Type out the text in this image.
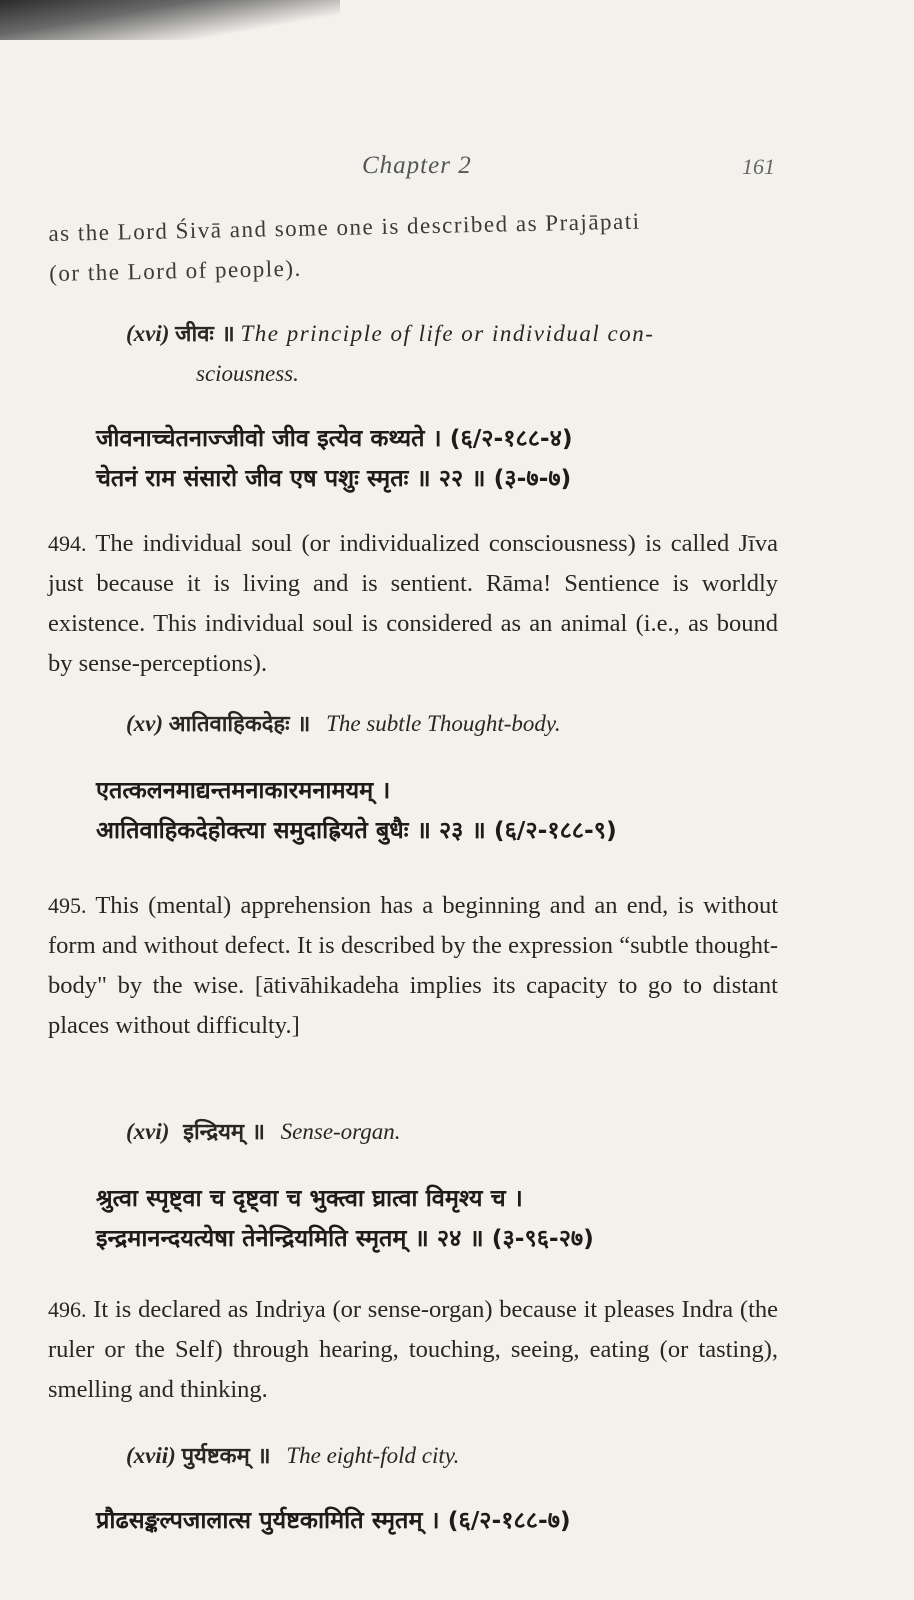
Chapter 2	161
as the Lord Śivā and some one is described as Prajāpati
(or the Lord of people).
(xvi) जीवः ॥ The principle of life or individual con-
sciousness.
जीवनाच्चेतनाज्जीवो जीव इत्येव कथ्यते । (६/२-१८८-४)
चेतनं राम संसारो जीव एष पशुः स्मृतः ॥ २२ ॥ (३-७-७)

494. The individual soul (or individualized consciousness) is called Jīva just because it is living and is sentient. Rāma! Sentience is worldly existence. This individual soul is considered as an animal (i.e., as bound by sense-perceptions).

(xv) आतिवाहिकदेहः ॥ The subtle Thought-body.
एतत्कलनमाद्यन्तमनाकारमनामयम् ।
आतिवाहिकदेहोक्त्या समुदाह्रियते बुधैः ॥ २३ ॥ (६/२-१८८-९)

495. This (mental) apprehension has a beginning and an end, is without form and without defect. It is described by the expression “subtle thought-body" by the wise. [ātivāhikadeha implies its capacity to go to distant places without difficulty.]

(xvi) इन्द्रियम् ॥ Sense-organ.
श्रुत्वा स्पृष्ट्वा च दृष्ट्वा च भुक्त्वा घ्रात्वा विमृश्य च ।
इन्द्रमानन्दयत्येषा तेनेन्द्रियमिति स्मृतम् ॥ २४ ॥ (३-९६-२७)

496. It is declared as Indriya (or sense-organ) because it pleases Indra (the ruler or the Self) through hearing, touching, seeing, eating (or tasting), smelling and thinking.

(xvii) पुर्यष्टकम् ॥ The eight-fold city.
प्रौढसङ्कल्पजालात्स पुर्यष्टकामिति स्मृतम् । (६/२-१८८-७)
